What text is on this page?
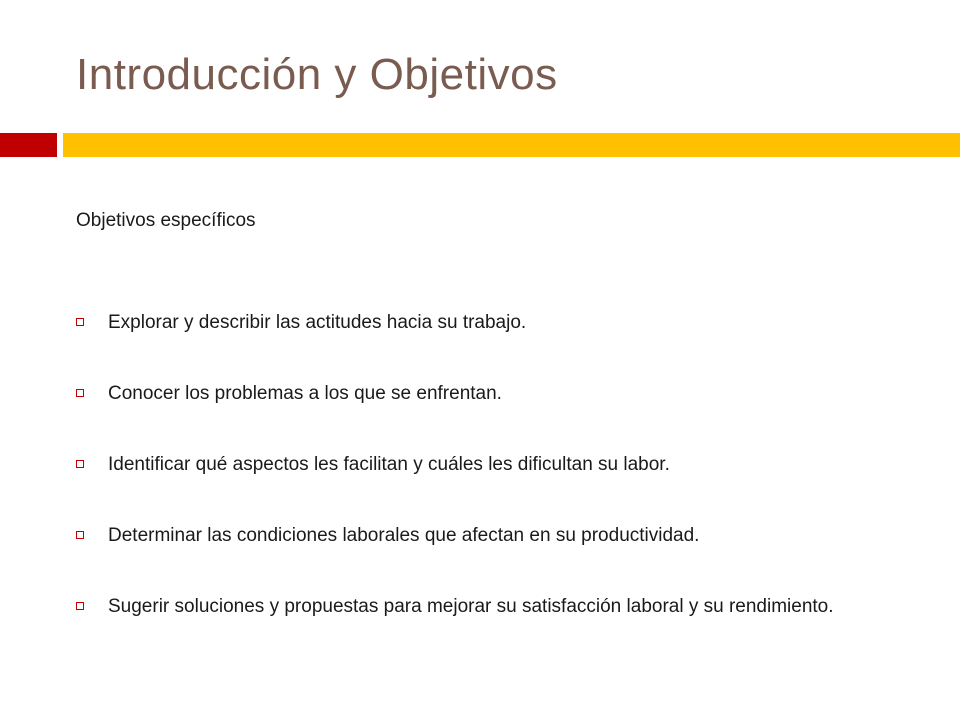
Introducción y Objetivos
Objetivos específicos
Explorar y describir las actitudes hacia su trabajo.
Conocer los problemas a los que se enfrentan.
Identificar qué aspectos les facilitan y cuáles les dificultan su labor.
Determinar las condiciones laborales que afectan en su productividad.
Sugerir soluciones y propuestas para mejorar su satisfacción laboral y su rendimiento.
